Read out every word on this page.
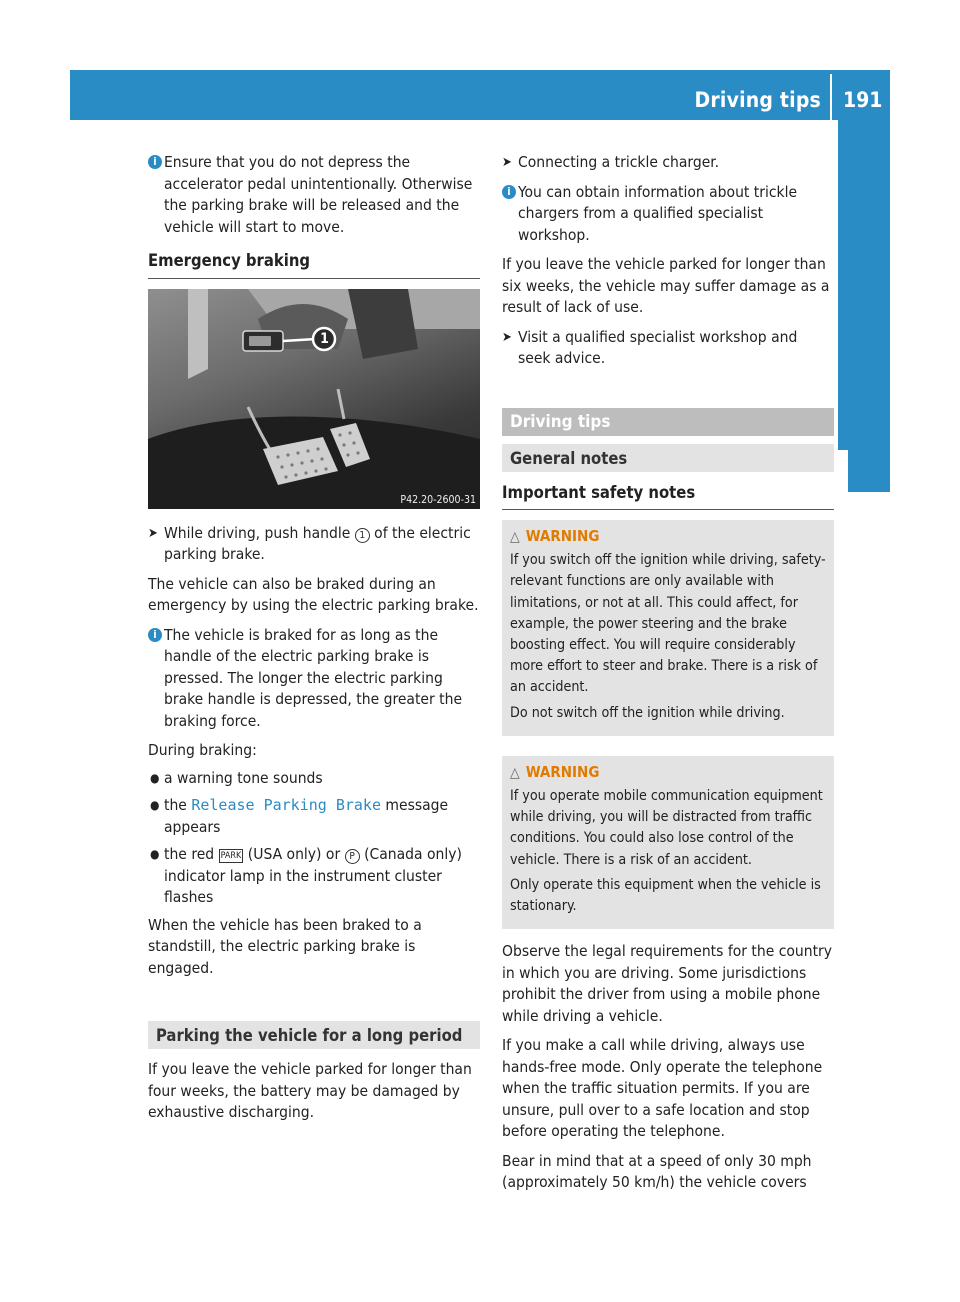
Driving tips 191
Driving and parking
i Ensure that you do not depress the accelerator pedal unintentionally. Otherwise the parking brake will be released and the vehicle will start to move.
Emergency braking
1
P42.20-2600-31
➤ While driving, push handle 1 of the electric parking brake.

The vehicle can also be braked during an emergency by using the electric parking brake.

i The vehicle is braked for as long as the handle of the electric parking brake is pressed. The longer the electric parking brake handle is depressed, the greater the braking force.

During braking:

● a warning tone sounds
● the Release Parking Brake message appears
● the red PARK (USA only) or P (Canada only) indicator lamp in the instrument cluster flashes

When the vehicle has been braked to a standstill, the electric parking brake is engaged.

Parking the vehicle for a long period

If you leave the vehicle parked for longer than four weeks, the battery may be damaged by exhaustive discharging.

➤ Connecting a trickle charger.
i You can obtain information about trickle chargers from a qualified specialist workshop.

If you leave the vehicle parked for longer than six weeks, the vehicle may suffer damage as a result of lack of use.

➤ Visit a qualified specialist workshop and seek advice.
Driving tips
General notes
Important safety notes
△ WARNING

If you switch off the ignition while driving, safety-relevant functions are only available with limitations, or not at all. This could affect, for example, the power steering and the brake boosting effect. You will require considerably more effort to steer and brake. There is a risk of an accident.

Do not switch off the ignition while driving.

△ WARNING

If you operate mobile communication equipment while driving, you will be distracted from traffic conditions. You could also lose control of the vehicle. There is a risk of an accident.

Only operate this equipment when the vehicle is stationary.

Observe the legal requirements for the country in which you are driving. Some jurisdictions prohibit the driver from using a mobile phone while driving a vehicle.

If you make a call while driving, always use hands-free mode. Only operate the telephone when the traffic situation permits. If you are unsure, pull over to a safe location and stop before operating the telephone.

Bear in mind that at a speed of only 30 mph (approximately 50 km/h) the vehicle covers
